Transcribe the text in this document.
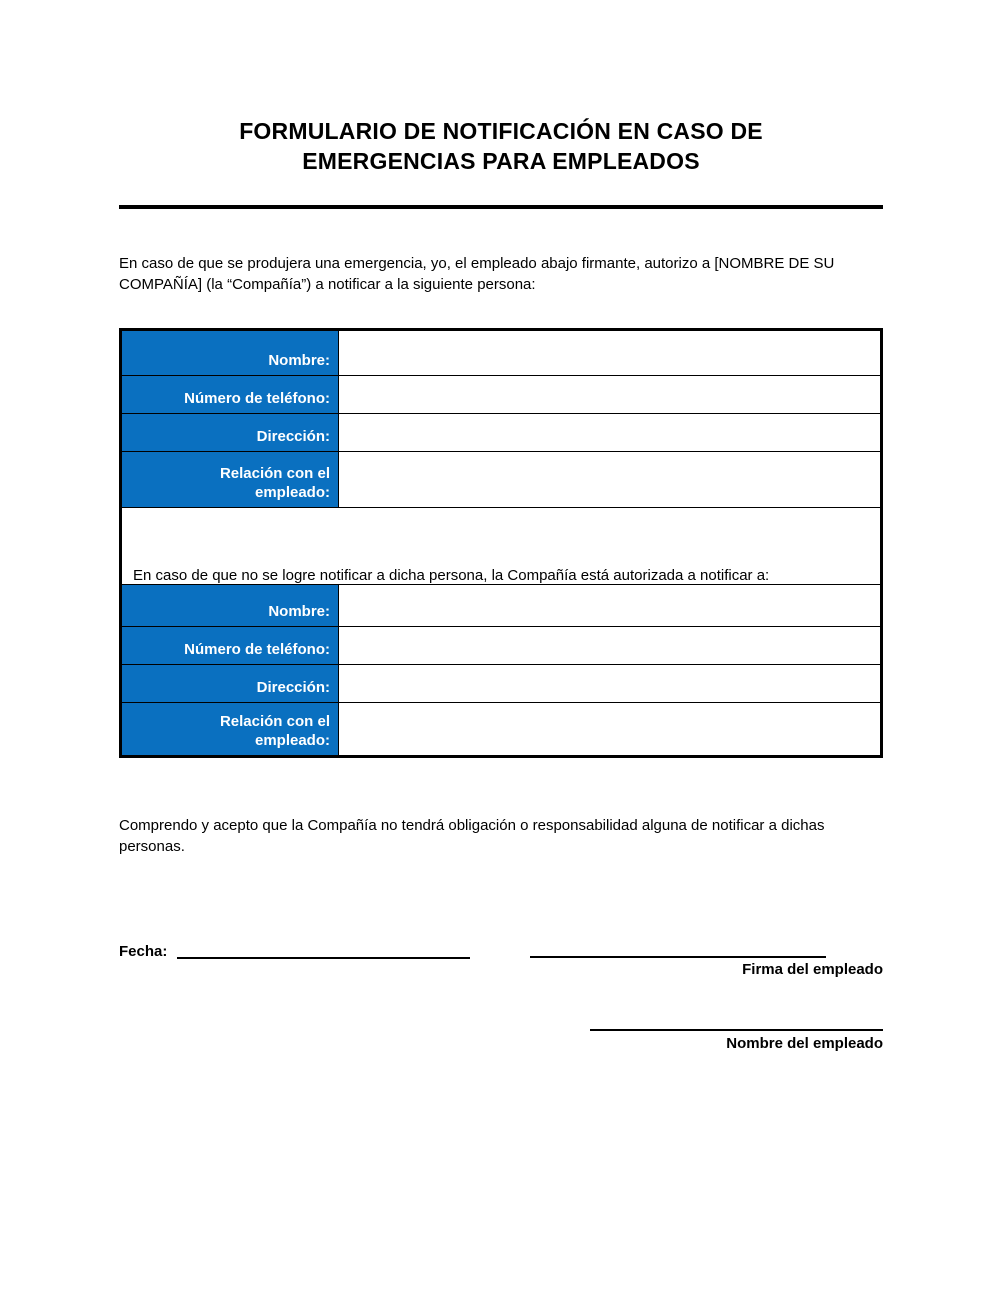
FORMULARIO DE NOTIFICACIÓN EN CASO DE
EMERGENCIAS PARA EMPLEADOS

En caso de que se produjera una emergencia, yo, el empleado abajo firmante, autorizo a [NOMBRE DE SU COMPAÑÍA] (la “Compañía”) a notificar a la siguiente persona:

Nombre:	
Número de teléfono:	
Dirección:	
Relación con el empleado:	
En caso de que no se logre notificar a dicha persona, la Compañía está autorizada a notificar a:	
Nombre:	
Número de teléfono:	
Dirección:	
Relación con el empleado:	

Comprendo y acepto que la Compañía no tendrá obligación o responsabilidad alguna de notificar a dichas personas.

Fecha:
Firma del empleado
Nombre del empleado
